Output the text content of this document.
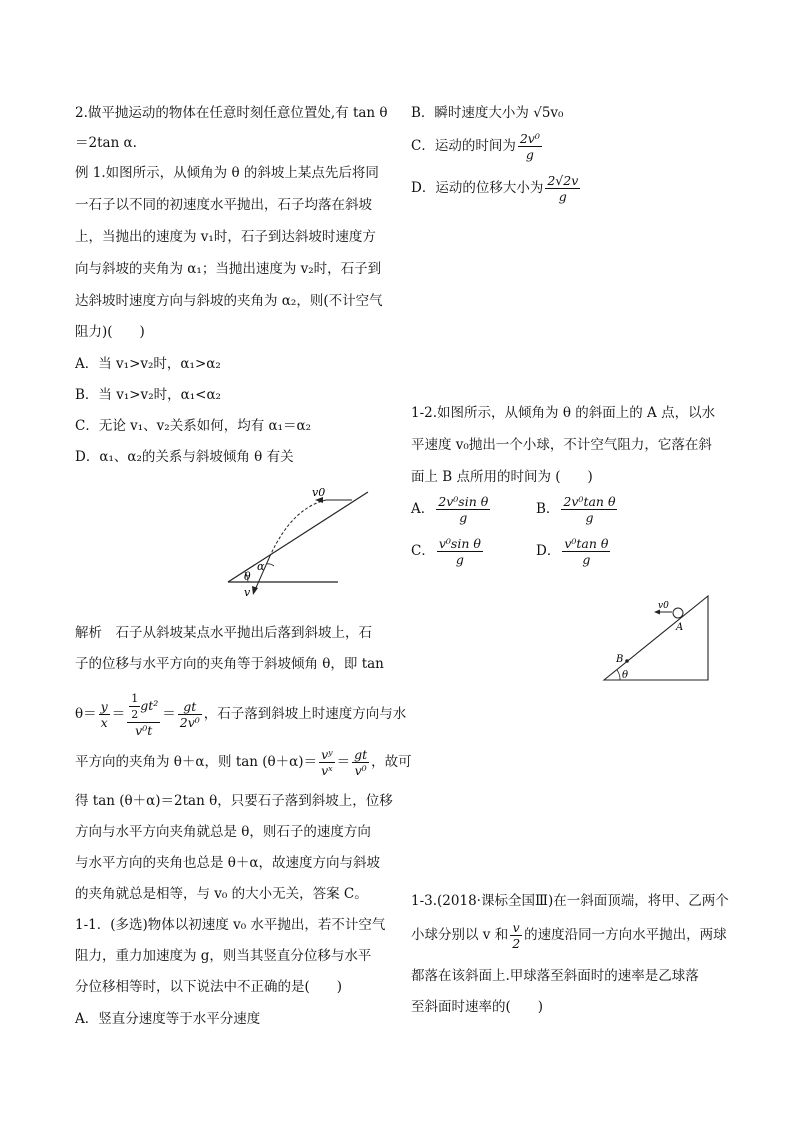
2.做平抛运动的物体在任意时刻任意位置处,有 tan θ
＝2tan α.
例 1.如图所示，从倾角为 θ 的斜坡上某点先后将同
一石子以不同的初速度水平抛出，石子均落在斜坡
上，当抛出的速度为 v₁时，石子到达斜坡时速度方
向与斜坡的夹角为 α₁；当抛出速度为 v₂时，石子到
达斜坡时速度方向与斜坡的夹角为 α₂，则(不计空气
阻力)(　　)
A．当 v₁>v₂时，α₁>α₂
B．当 v₁>v₂时，α₁<α₂
C．无论 v₁、v₂关系如何，均有 α₁＝α₂
D．α₁、α₂的关系与斜坡倾角 θ 有关
v0
α
θ
v
解析　石子从斜坡某点水平抛出后落到斜坡上，石
子的位移与水平方向的夹角等于斜坡倾角 θ，即 tan
$\theta= \frac{y}{x} = \frac{\frac{1}{2} gt^2}{\text{v⁰t}} = \frac{gt}{\text{2v⁰}}$ ，石子落到斜坡上时速度方向与水
平方向的夹角为 θ＋α，则 $\tan (\theta+\alpha)= \frac{\text{vʸ}}{\text{vˣ}} = \frac{gt}{\text{v⁰}}$ ，故可
得 tan (θ＋α)＝2tan θ，只要石子落到斜坡上，位移
方向与水平方向夹角就总是 θ，则石子的速度方向
与水平方向的夹角也总是 θ＋α，故速度方向与斜坡
的夹角就总是相等，与 v₀ 的大小无关，答案 C。
1-1．(多选)物体以初速度 v₀ 水平抛出，若不计空气
阻力，重力加速度为 g，则当其竖直分位移与水平
分位移相等时，以下说法中不正确的是(　　)
A．竖直分速度等于水平分速度
B．瞬时速度大小为 √5v₀
C．运动的时间为 $\frac{\text{2v⁰}}{g}$
D．运动的位移大小为 $\frac{2√2v}{g}$
1-2.如图所示，从倾角为 θ 的斜面上的 A 点，以水
平速度 v₀抛出一个小球，不计空气阻力，它落在斜
面上 B 点所用的时间为 (　　)
A． $\frac{\text{2v⁰sin θ}}{g}$	B． $\frac{\text{2v⁰tan θ}}{g}$
C． $\frac{\text{v⁰sin θ}}{g}$	D． $\frac{\text{v⁰tan θ}}{g}$
v0
A
B
θ
1-3.(2018·课标全国Ⅲ)在一斜面顶端，将甲、乙两个
小球分别以 v 和 $\frac{v}{2}$ 的速度沿同一方向水平抛出，两球
都落在该斜面上.甲球落至斜面时的速率是乙球落
至斜面时速率的(　　)
